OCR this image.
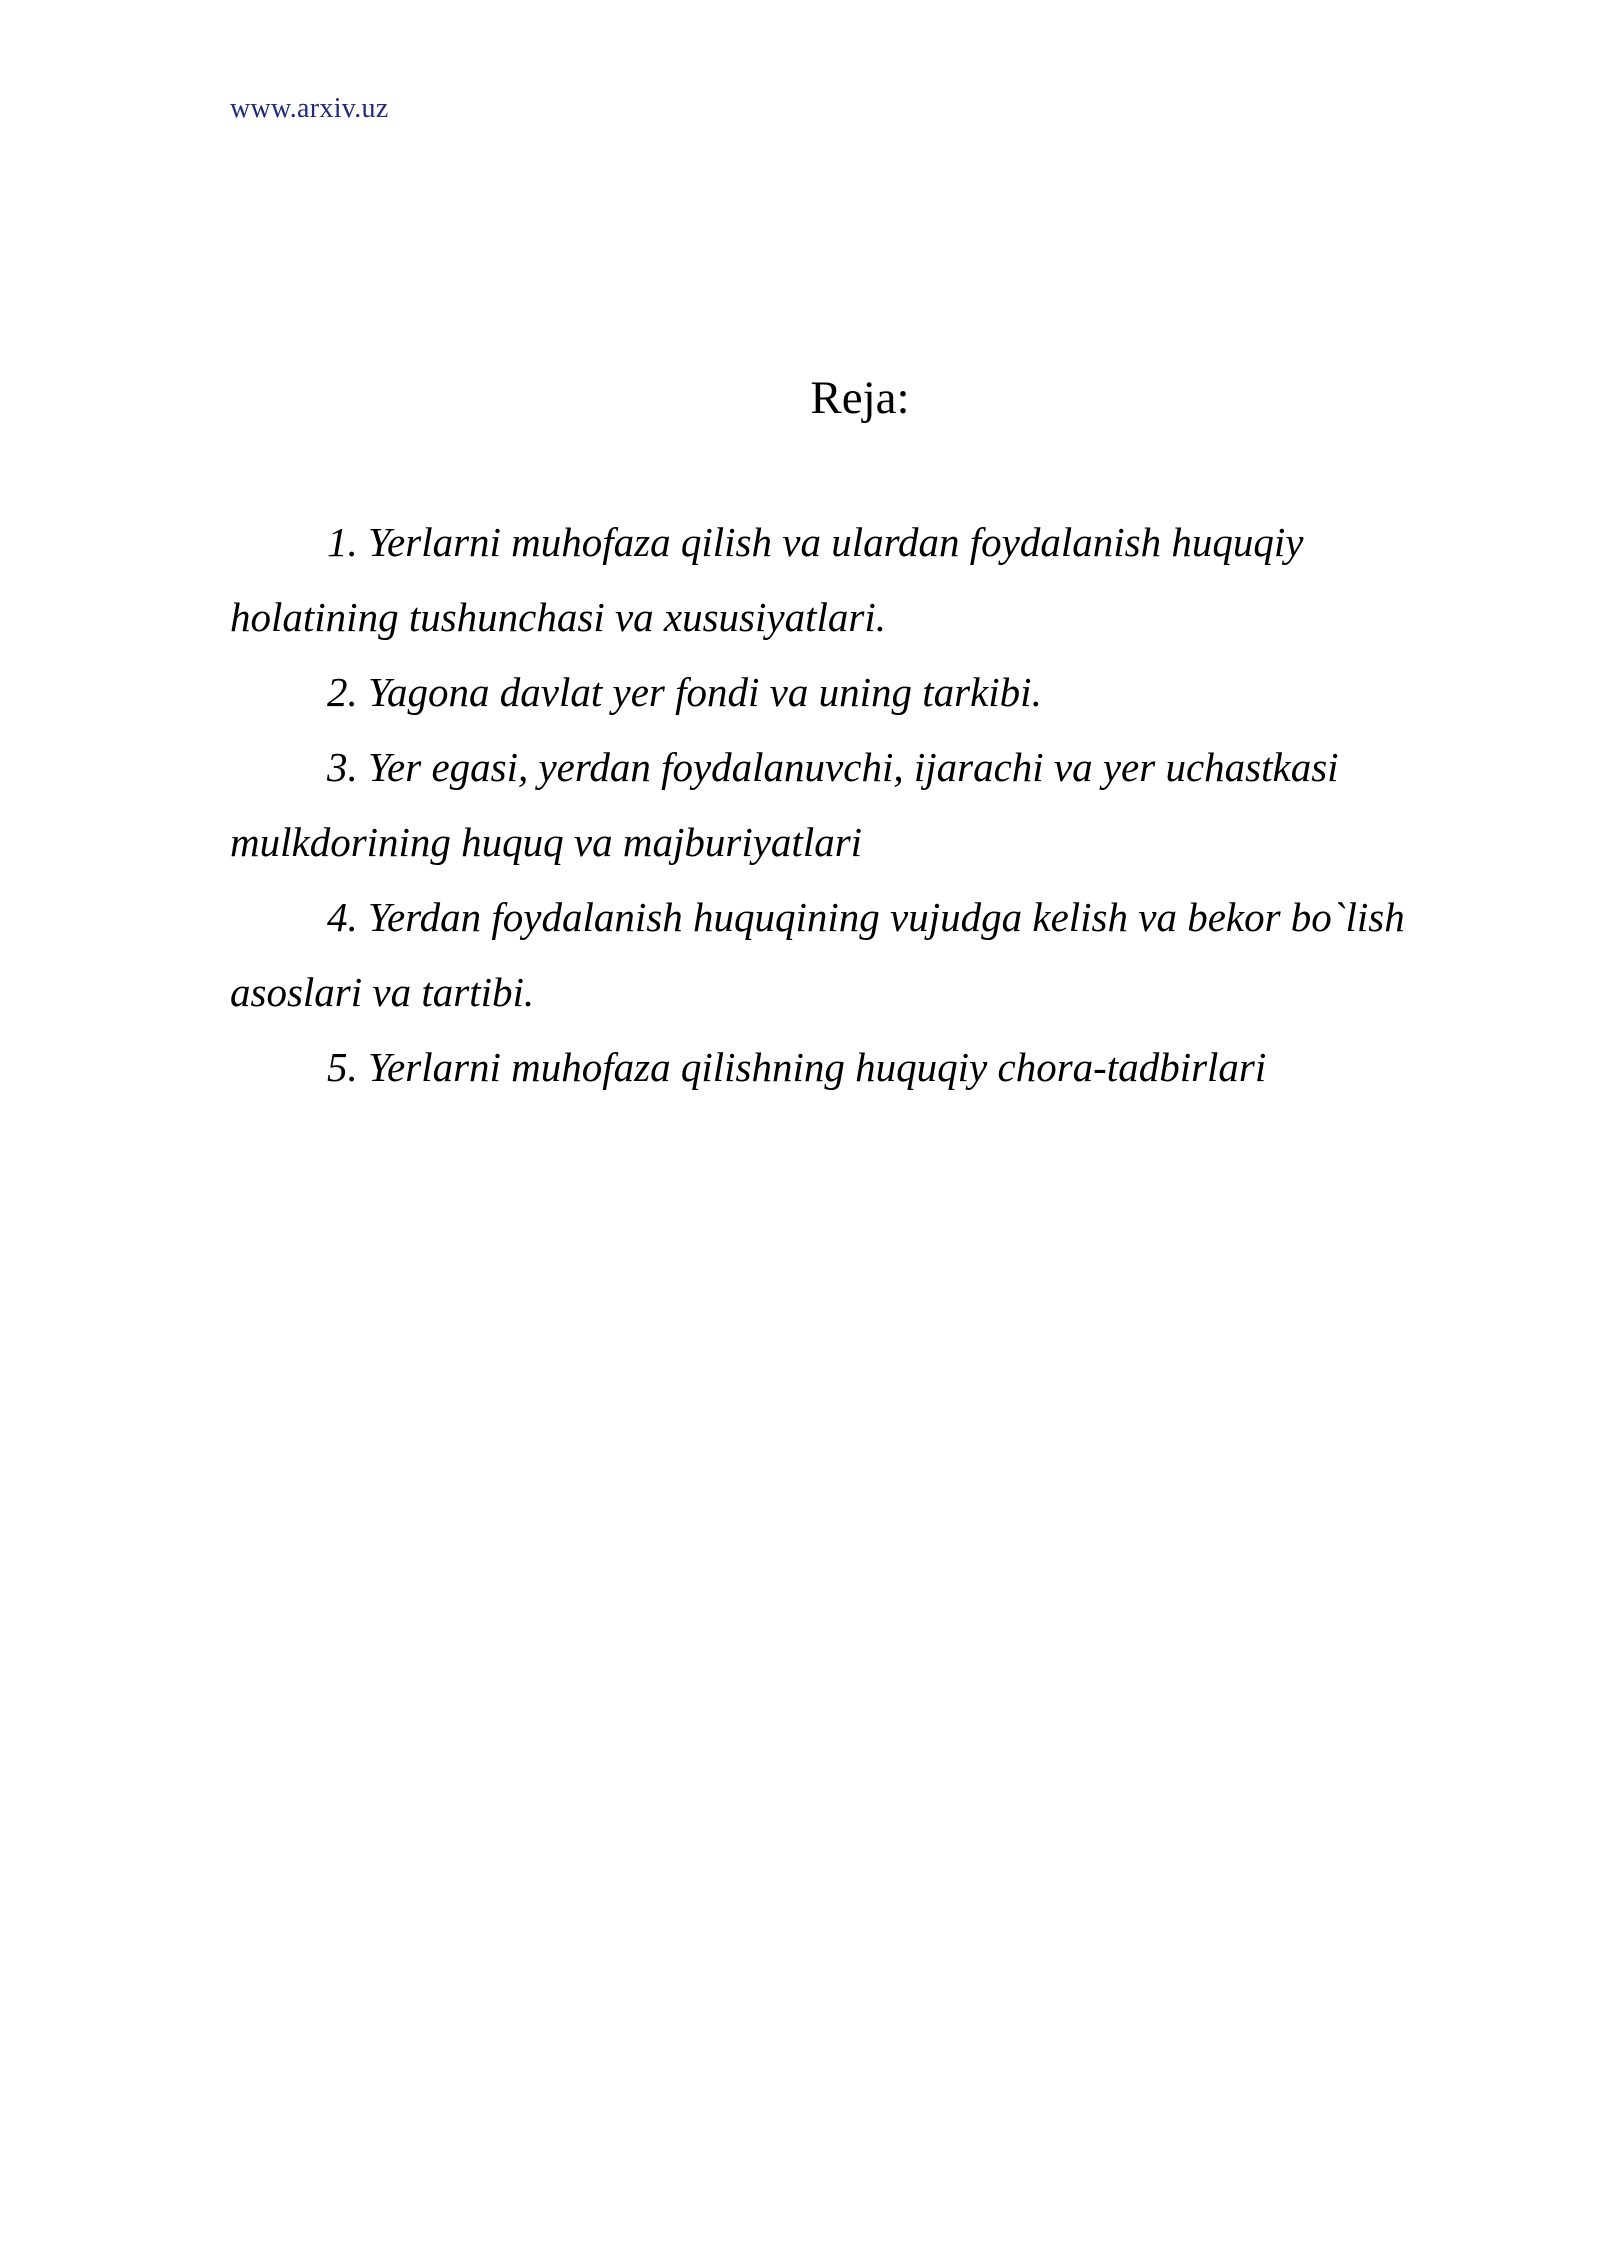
www.arxiv.uz
Reja:

1. Yerlarni muhofaza qilish va ulardan foydalanish huquqiy
holatining tushunchasi va xususiyatlari.

2. Yagona davlat yer fondi va uning tarkibi.

3. Yer egasi, yerdan foydalanuvchi, ijarachi va yer uchastkasi
mulkdorining huquq va majburiyatlari

4. Yerdan foydalanish huquqining vujudga kelish va bekor bo`lish
asoslari va tartibi.

5. Yerlarni muhofaza qilishning huquqiy chora-tadbirlari
